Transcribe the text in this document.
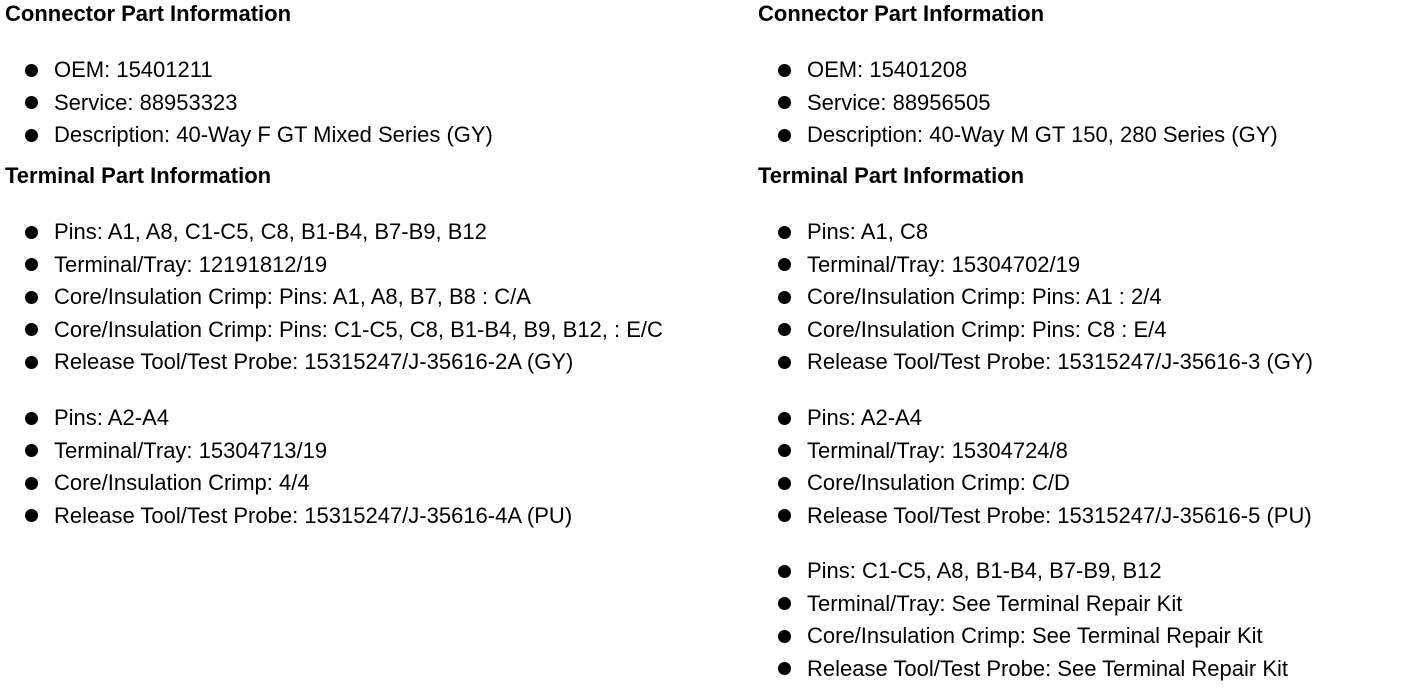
Connector Part Information
OEM: 15401211
Service: 88953323
Description: 40-Way F GT Mixed Series (GY)
Terminal Part Information
Pins: A1, A8, C1-C5, C8, B1-B4, B7-B9, B12
Terminal/Tray: 12191812/19
Core/Insulation Crimp: Pins: A1, A8, B7, B8 : C/A
Core/Insulation Crimp: Pins: C1-C5, C8, B1-B4, B9, B12, : E/C
Release Tool/Test Probe: 15315247/J-35616-2A (GY)
Pins: A2-A4
Terminal/Tray: 15304713/19
Core/Insulation Crimp: 4/4
Release Tool/Test Probe: 15315247/J-35616-4A (PU)
Connector Part Information
OEM: 15401208
Service: 88956505
Description: 40-Way M GT 150, 280 Series (GY)
Terminal Part Information
Pins: A1, C8
Terminal/Tray: 15304702/19
Core/Insulation Crimp: Pins: A1 : 2/4
Core/Insulation Crimp: Pins: C8 : E/4
Release Tool/Test Probe: 15315247/J-35616-3 (GY)
Pins: A2-A4
Terminal/Tray: 15304724/8
Core/Insulation Crimp: C/D
Release Tool/Test Probe: 15315247/J-35616-5 (PU)
Pins: C1-C5, A8, B1-B4, B7-B9, B12
Terminal/Tray: See Terminal Repair Kit
Core/Insulation Crimp: See Terminal Repair Kit
Release Tool/Test Probe: See Terminal Repair Kit
